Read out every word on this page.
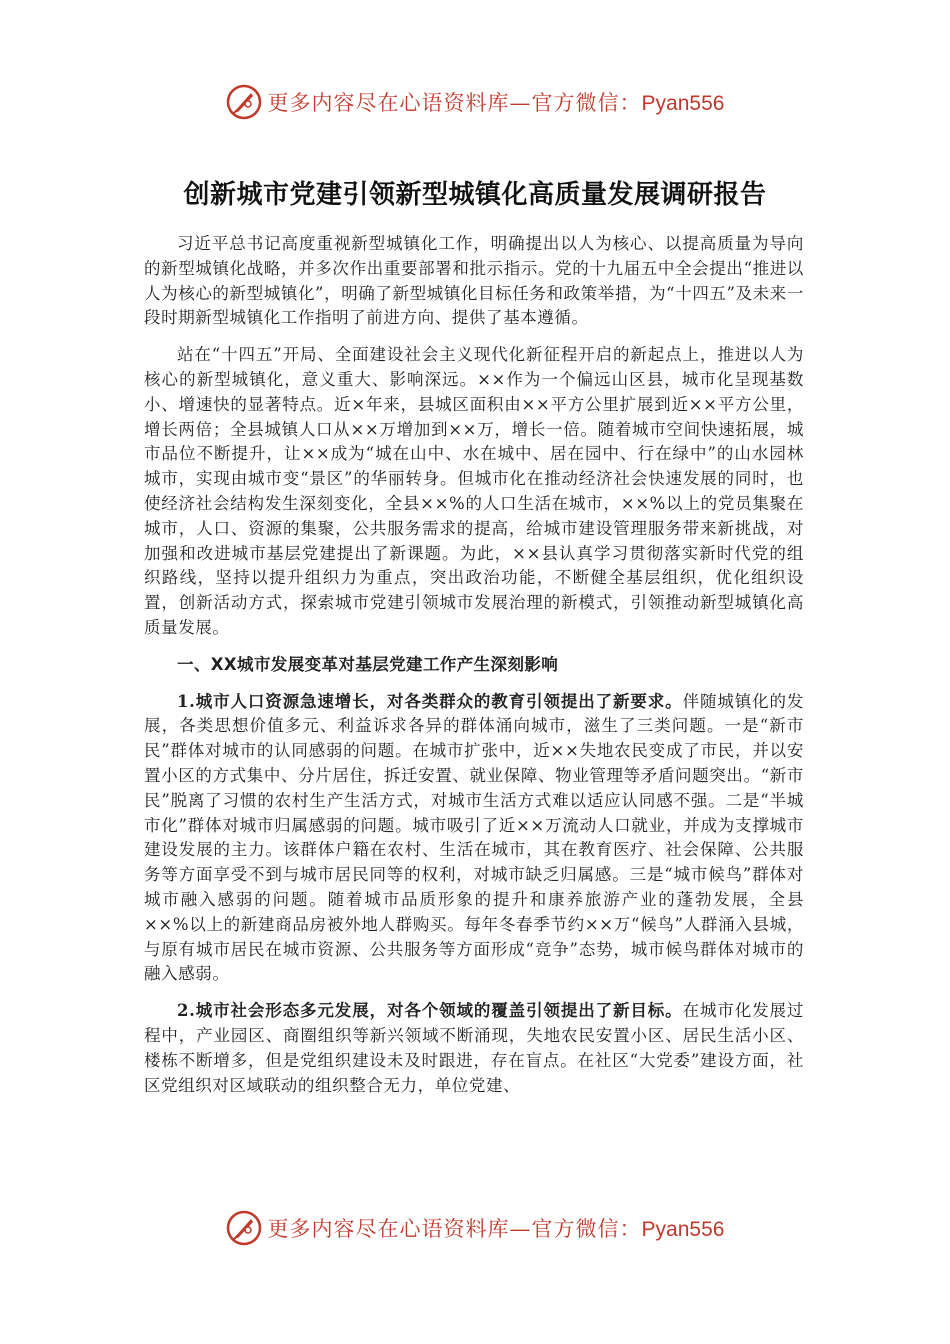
更多内容尽在心语资料库—官方微信：Pyan556
创新城市党建引领新型城镇化高质量发展调研报告

习近平总书记高度重视新型城镇化工作，明确提出以人为核心、以提高质量为导向的新型城镇化战略，并多次作出重要部署和批示指示。党的十九届五中全会提出“推进以人为核心的新型城镇化”，明确了新型城镇化目标任务和政策举措，为“十四五”及未来一段时期新型城镇化工作指明了前进方向、提供了基本遵循。

站在“十四五”开局、全面建设社会主义现代化新征程开启的新起点上，推进以人为核心的新型城镇化，意义重大、影响深远。××作为一个偏远山区县，城市化呈现基数小、增速快的显著特点。近×年来，县城区面积由××平方公里扩展到近××平方公里，增长两倍；全县城镇人口从××万增加到××万，增长一倍。随着城市空间快速拓展，城市品位不断提升，让××成为“城在山中、水在城中、居在园中、行在绿中”的山水园林城市，实现由城市变“景区”的华丽转身。但城市化在推动经济社会快速发展的同时，也使经济社会结构发生深刻变化，全县××%的人口生活在城市，××%以上的党员集聚在城市，人口、资源的集聚，公共服务需求的提高，给城市建设管理服务带来新挑战，对加强和改进城市基层党建提出了新课题。为此，××县认真学习贯彻落实新时代党的组织路线，坚持以提升组织力为重点，突出政治功能，不断健全基层组织，优化组织设置，创新活动方式，探索城市党建引领城市发展治理的新模式，引领推动新型城镇化高质量发展。

一、XX城市发展变革对基层党建工作产生深刻影响

1.城市人口资源急速增长，对各类群众的教育引领提出了新要求。伴随城镇化的发展，各类思想价值多元、利益诉求各异的群体涌向城市，滋生了三类问题。一是“新市民”群体对城市的认同感弱的问题。在城市扩张中，近××失地农民变成了市民，并以安置小区的方式集中、分片居住，拆迁安置、就业保障、物业管理等矛盾问题突出。“新市民”脱离了习惯的农村生产生活方式，对城市生活方式难以适应认同感不强。二是“半城市化”群体对城市归属感弱的问题。城市吸引了近××万流动人口就业，并成为支撑城市建设发展的主力。该群体户籍在农村、生活在城市，其在教育医疗、社会保障、公共服务等方面享受不到与城市居民同等的权利，对城市缺乏归属感。三是“城市候鸟”群体对城市融入感弱的问题。随着城市品质形象的提升和康养旅游产业的蓬勃发展，全县××%以上的新建商品房被外地人群购买。每年冬春季节约××万“候鸟”人群涌入县城，与原有城市居民在城市资源、公共服务等方面形成“竞争”态势，城市候鸟群体对城市的融入感弱。

2.城市社会形态多元发展，对各个领域的覆盖引领提出了新目标。在城市化发展过程中，产业园区、商圈组织等新兴领域不断涌现，失地农民安置小区、居民生活小区、楼栋不断增多，但是党组织建设未及时跟进，存在盲点。在社区“大党委”建设方面，社区党组织对区域联动的组织整合无力，单位党建、

更多内容尽在心语资料库—官方微信：Pyan556
